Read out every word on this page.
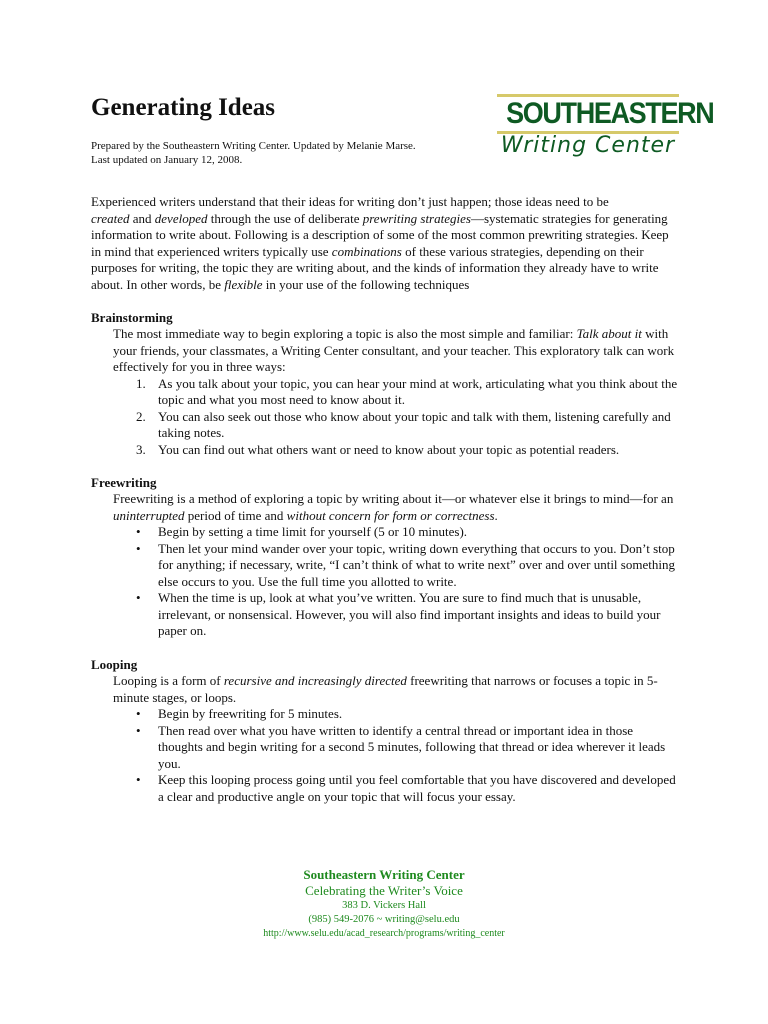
Generating Ideas
Prepared by the Southeastern Writing Center. Updated by Melanie Marse.
Last updated on January 12, 2008.
SOUTHEASTERN
Writing Center

Experienced writers understand that their ideas for writing don’t just happen; those ideas need to be
created and developed through the use of deliberate prewriting strategies—systematic strategies for generating information to write about. Following is a description of some of the most common prewriting strategies. Keep in mind that experienced writers typically use combinations of these various strategies, depending on their purposes for writing, the topic they are writing about, and the kinds of information they already have to write about. In other words, be flexible in your use of the following techniques

Brainstorming
The most immediate way to begin exploring a topic is also the most simple and familiar: Talk about it with your friends, your classmates, a Writing Center consultant, and your teacher. This exploratory talk can work effectively for you in three ways:
1. As you talk about your topic, you can hear your mind at work, articulating what you think about the topic and what you most need to know about it.
2. You can also seek out those who know about your topic and talk with them, listening carefully and taking notes.
3. You can find out what others want or need to know about your topic as potential readers.
Freewriting
Freewriting is a method of exploring a topic by writing about it—or whatever else it brings to mind—for an uninterrupted period of time and without concern for form or correctness.
•	Begin by setting a time limit for yourself (5 or 10 minutes).
•	Then let your mind wander over your topic, writing down everything that occurs to you. Don’t stop for anything; if necessary, write, “I can’t think of what to write next” over and over until something else occurs to you. Use the full time you allotted to write.
•	When the time is up, look at what you’ve written. You are sure to find much that is unusable, irrelevant, or nonsensical. However, you will also find important insights and ideas to build your paper on.
Looping
Looping is a form of recursive and increasingly directed freewriting that narrows or focuses a topic in 5-minute stages, or loops.
•	Begin by freewriting for 5 minutes.
•	Then read over what you have written to identify a central thread or important idea in those thoughts and begin writing for a second 5 minutes, following that thread or idea wherever it leads you.
•	Keep this looping process going until you feel comfortable that you have discovered and developed a clear and productive angle on your topic that will focus your essay.
Southeastern Writing Center
Celebrating the Writer’s Voice
383 D. Vickers Hall
(985) 549-2076 ~ writing@selu.edu
http://www.selu.edu/acad_research/programs/writing_center
